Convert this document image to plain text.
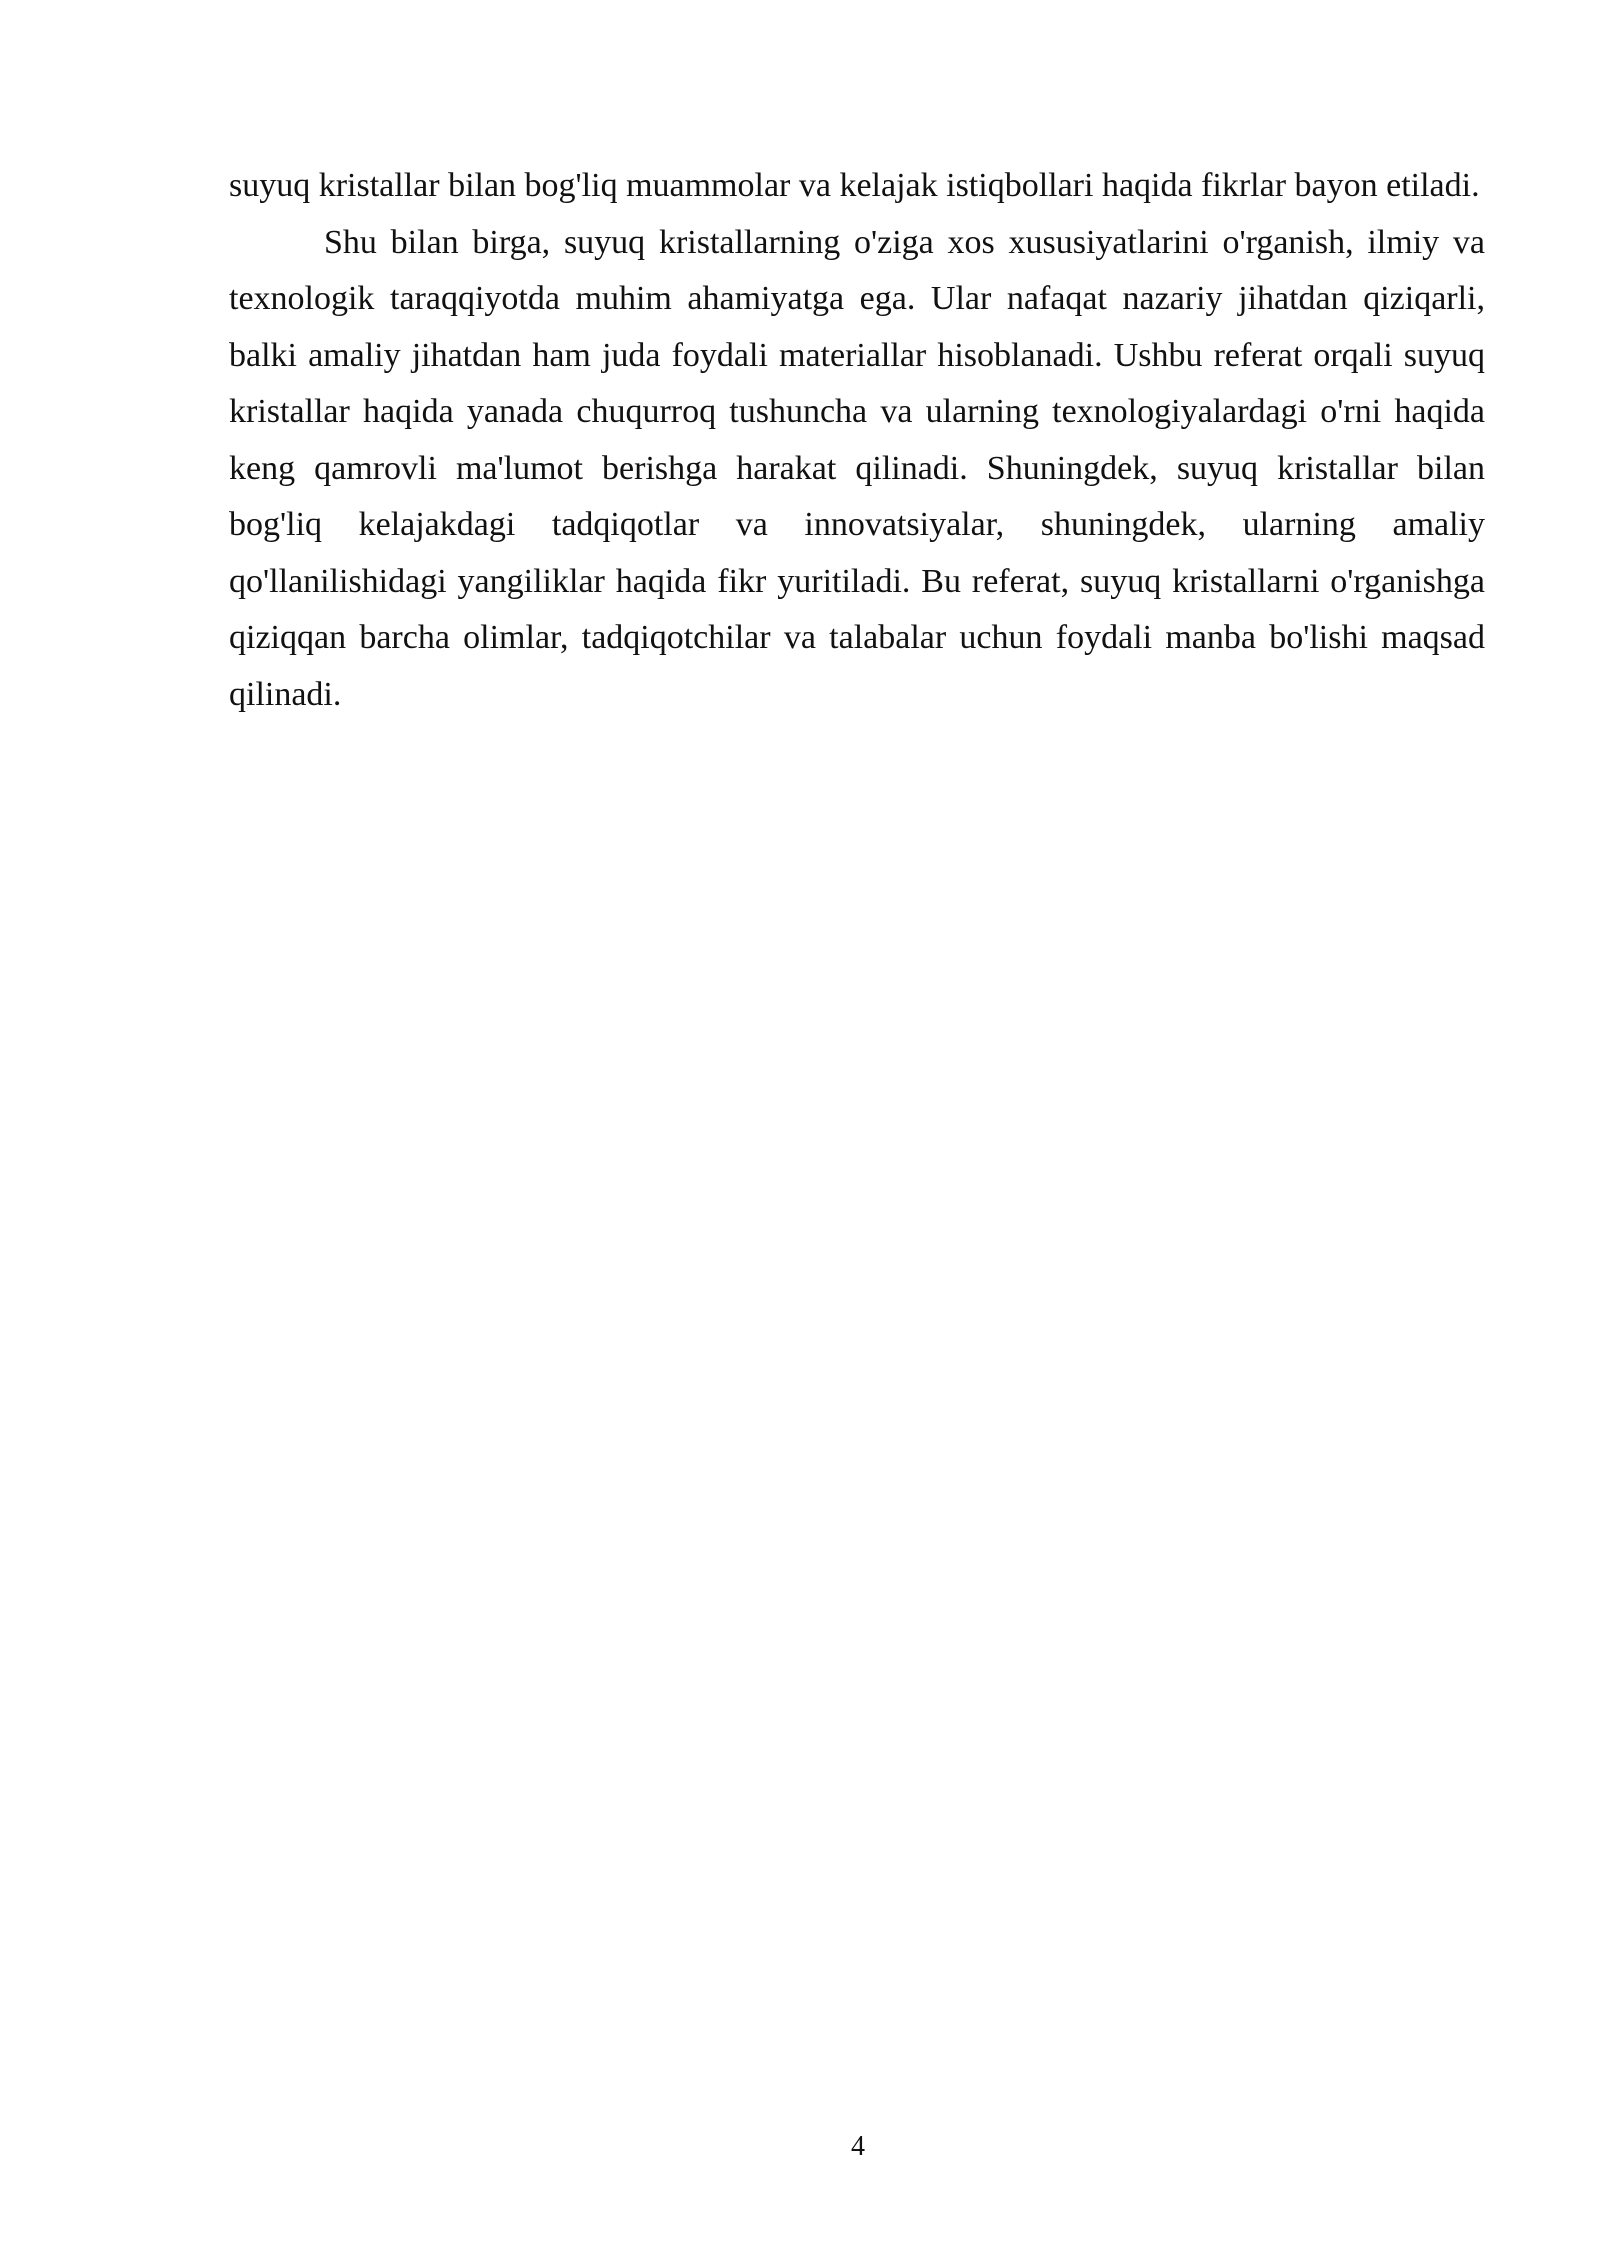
suyuq kristallar bilan bog'liq muammolar va kelajak istiqbollari haqida fikrlar bayon etiladi.

Shu bilan birga, suyuq kristallarning o'ziga xos xususiyatlarini o'rganish, ilmiy va texnologik taraqqiyotda muhim ahamiyatga ega. Ular nafaqat nazariy jihatdan qiziqarli, balki amaliy jihatdan ham juda foydali materiallar hisoblanadi. Ushbu referat orqali suyuq kristallar haqida yanada chuqurroq tushuncha va ularning texnologiyalardagi o'rni haqida keng qamrovli ma'lumot berishga harakat qilinadi. Shuningdek, suyuq kristallar bilan bog'liq kelajakdagi tadqiqotlar va innovatsiyalar, shuningdek, ularning amaliy qo'llanilishidagi yangiliklar haqida fikr yuritiladi. Bu referat, suyuq kristallarni o'rganishga qiziqqan barcha olimlar, tadqiqotchilar va talabalar uchun foydali manba bo'lishi maqsad qilinadi.

4
